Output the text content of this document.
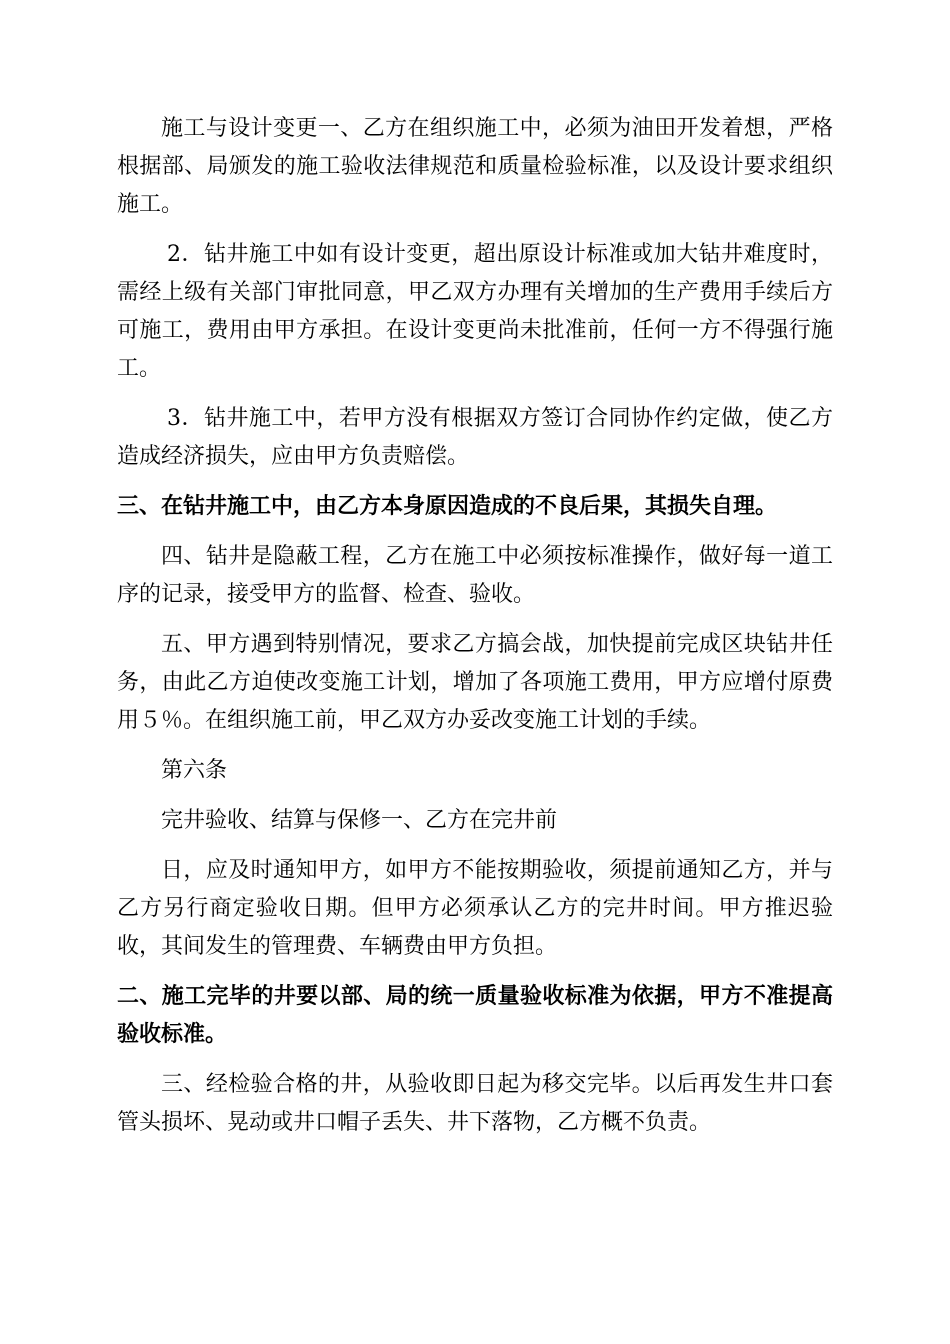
施工与设计变更一、乙方在组织施工中，必须为油田开发着想，严格根据部、局颁发的施工验收法律规范和质量检验标准，以及设计要求组织施工。

2．钻井施工中如有设计变更，超出原设计标准或加大钻井难度时，需经上级有关部门审批同意，甲乙双方办理有关增加的生产费用手续后方可施工，费用由甲方承担。在设计变更尚未批准前，任何一方不得强行施工。

3．钻井施工中，若甲方没有根据双方签订合同协作约定做，使乙方造成经济损失，应由甲方负责赔偿。

三、在钻井施工中，由乙方本身原因造成的不良后果，其损失自理。

四、钻井是隐蔽工程，乙方在施工中必须按标准操作，做好每一道工序的记录，接受甲方的监督、检查、验收。

五、甲方遇到特别情况，要求乙方搞会战，加快提前完成区块钻井任务，由此乙方迫使改变施工计划，增加了各项施工费用，甲方应增付原费用５％。在组织施工前，甲乙双方办妥改变施工计划的手续。

第六条

完井验收、结算与保修一、乙方在完井前

日，应及时通知甲方，如甲方不能按期验收，须提前通知乙方，并与乙方另行商定验收日期。但甲方必须承认乙方的完井时间。甲方推迟验收，其间发生的管理费、车辆费由甲方负担。

二、施工完毕的井要以部、局的统一质量验收标准为依据，甲方不准提高验收标准。

三、经检验合格的井，从验收即日起为移交完毕。以后再发生井口套管头损坏、晃动或井口帽子丢失、井下落物，乙方概不负责。
